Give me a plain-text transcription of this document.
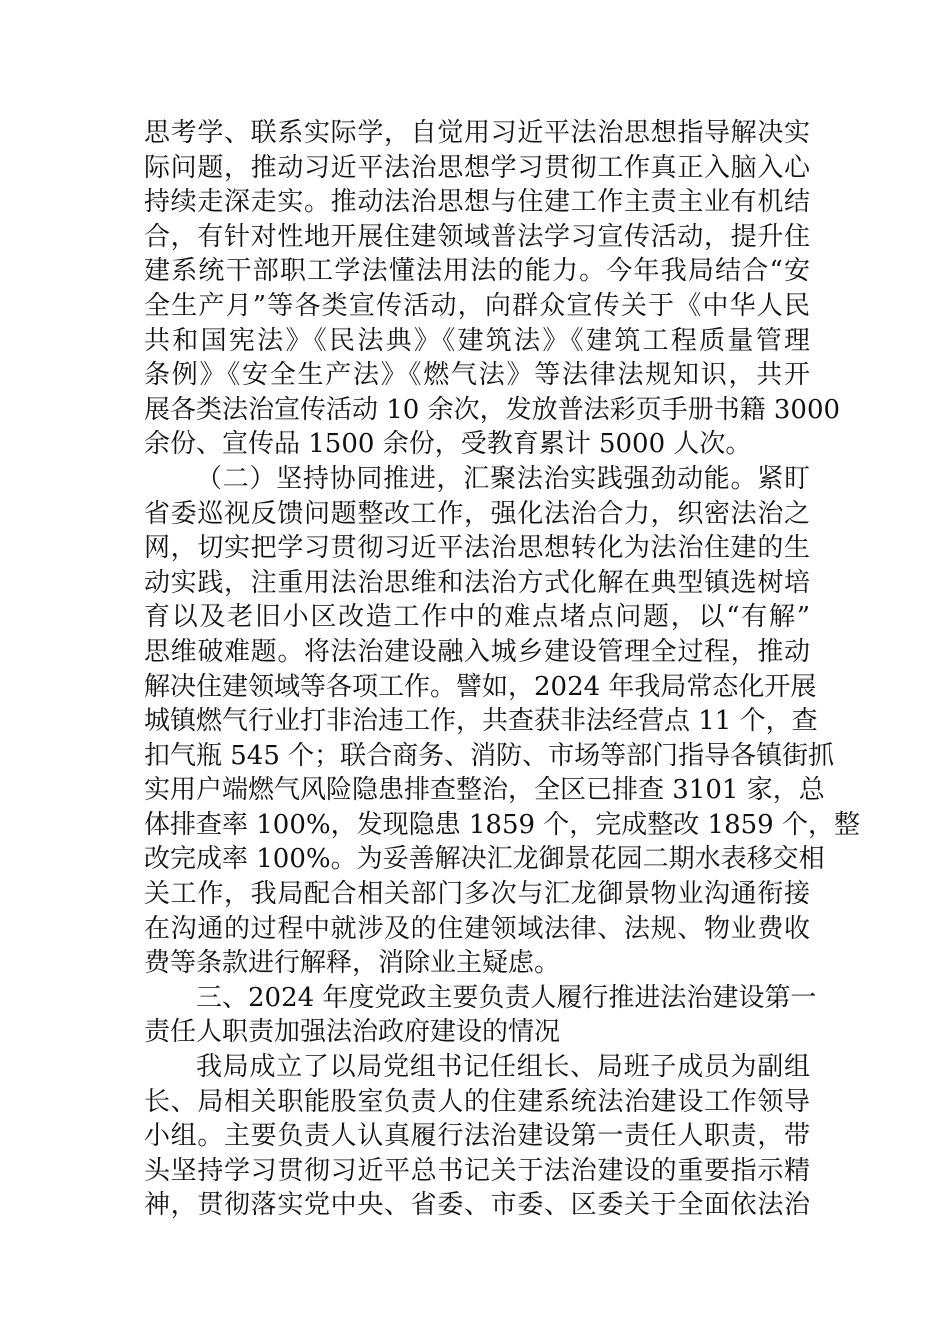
思考学、联系实际学，自觉用习近平法治思想指导解决实
际问题，推动习近平法治思想学习贯彻工作真正入脑入心
持续走深走实。推动法治思想与住建工作主责主业有机结
合，有针对性地开展住建领域普法学习宣传活动，提升住
建系统干部职工学法懂法用法的能力。今年我局结合“安
全生产月”等各类宣传活动，向群众宣传关于《中华人民
共和国宪法》《民法典》《建筑法》《建筑工程质量管理
条例》《安全生产法》《燃气法》等法律法规知识，共开
展各类法治宣传活动 10 余次，发放普法彩页手册书籍 3000
余份、宣传品 1500 余份，受教育累计 5000 人次。
（二）坚持协同推进，汇聚法治实践强劲动能。紧盯
省委巡视反馈问题整改工作，强化法治合力，织密法治之
网，切实把学习贯彻习近平法治思想转化为法治住建的生
动实践，注重用法治思维和法治方式化解在典型镇选树培
育以及老旧小区改造工作中的难点堵点问题，以“有解”
思维破难题。将法治建设融入城乡建设管理全过程，推动
解决住建领域等各项工作。譬如，2024 年我局常态化开展
城镇燃气行业打非治违工作，共查获非法经营点 11 个，查
扣气瓶 545 个；联合商务、消防、市场等部门指导各镇街抓
实用户端燃气风险隐患排查整治，全区已排查 3101 家，总
体排查率 100%，发现隐患 1859 个，完成整改 1859 个，整
改完成率 100%。为妥善解决汇龙御景花园二期水表移交相
关工作，我局配合相关部门多次与汇龙御景物业沟通衔接
在沟通的过程中就涉及的住建领域法律、法规、物业费收
费等条款进行解释，消除业主疑虑。
三、2024 年度党政主要负责人履行推进法治建设第一
责任人职责加强法治政府建设的情况
我局成立了以局党组书记任组长、局班子成员为副组
长、局相关职能股室负责人的住建系统法治建设工作领导
小组。主要负责人认真履行法治建设第一责任人职责，带
头坚持学习贯彻习近平总书记关于法治建设的重要指示精
神，贯彻落实党中央、省委、市委、区委关于全面依法治
